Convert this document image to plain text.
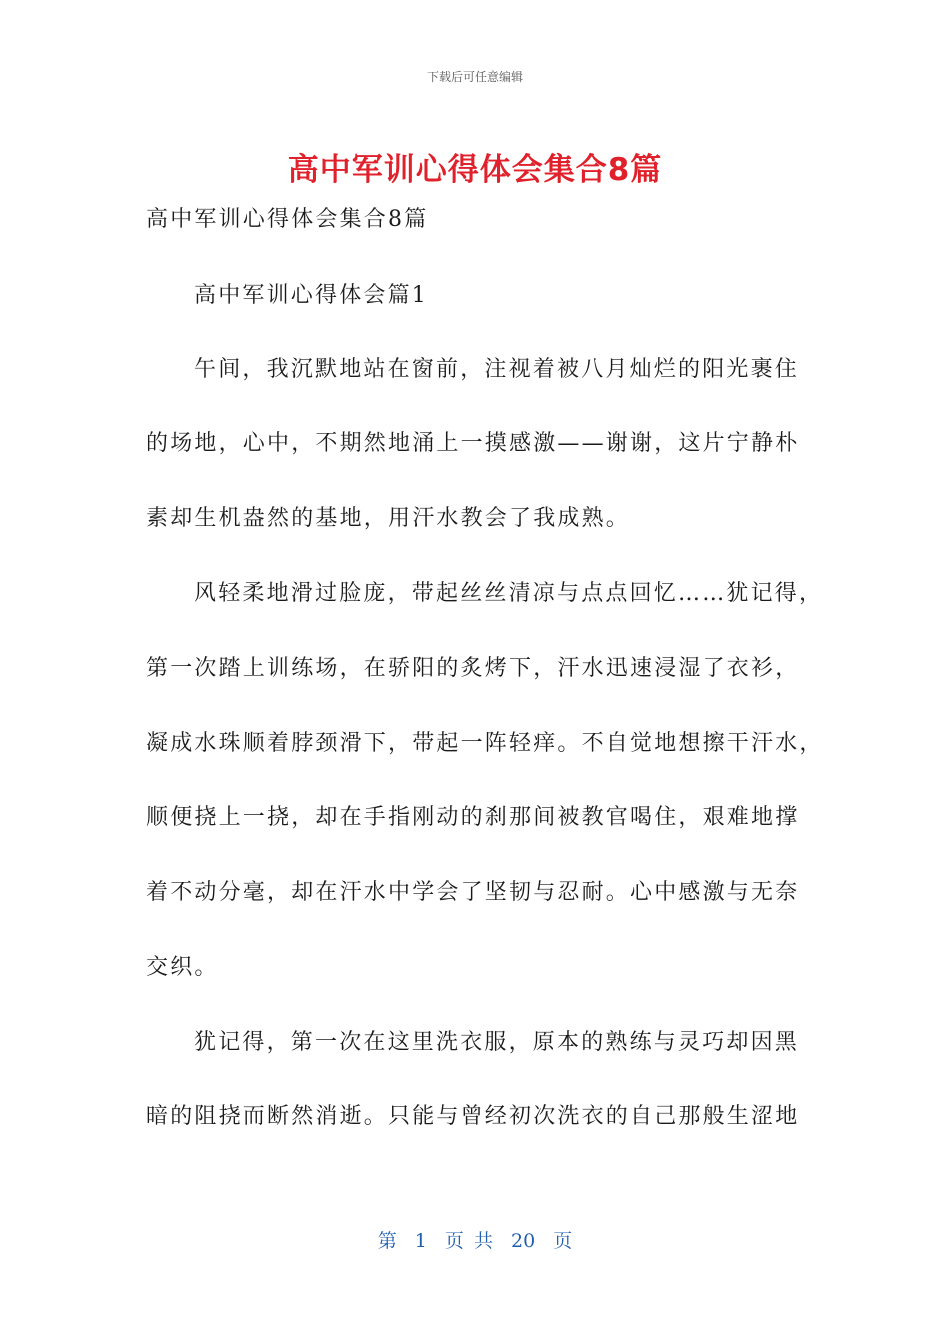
下载后可任意编辑
高中军训心得体会集合8篇
高中军训心得体会集合8篇
高中军训心得体会篇1
午间，我沉默地站在窗前，注视着被八月灿烂的阳光裹住
的场地，心中，不期然地涌上一摸感激——谢谢，这片宁静朴
素却生机盎然的基地，用汗水教会了我成熟。
风轻柔地滑过脸庞，带起丝丝清凉与点点回忆……犹记得，
第一次踏上训练场，在骄阳的炙烤下，汗水迅速浸湿了衣衫，
凝成水珠顺着脖颈滑下，带起一阵轻痒。不自觉地想擦干汗水，
顺便挠上一挠，却在手指刚动的刹那间被教官喝住，艰难地撑
着不动分毫，却在汗水中学会了坚韧与忍耐。心中感激与无奈
交织。
犹记得，第一次在这里洗衣服，原本的熟练与灵巧却因黑
暗的阻挠而断然消逝。只能与曾经初次洗衣的自己那般生涩地
第 1 页 共 20 页
